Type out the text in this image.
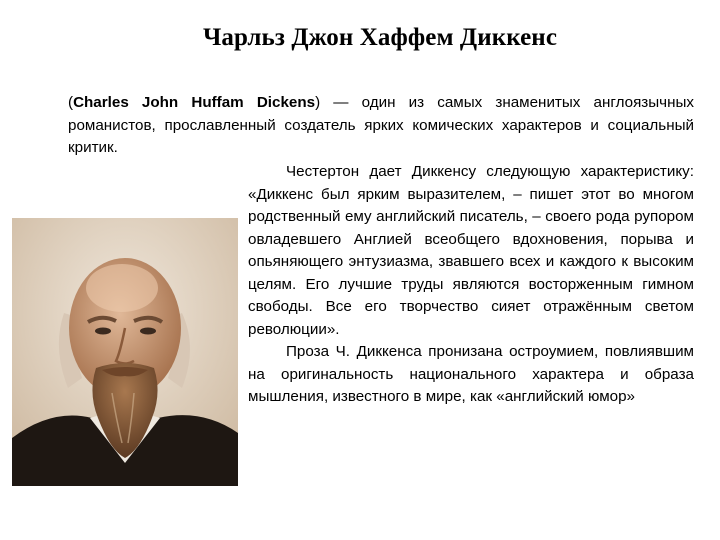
Чарльз Джон Хаффем Диккенс

(Charles John Huffam Dickens) — один из самых знаменитых англоязычных романистов, прославленный создатель ярких комических характеров и социальный критик.

Честертон дает Диккенсу следующую характеристику: «Диккенс был ярким выразителем, – пишет этот во многом родственный ему английский писатель, – своего рода рупором овладевшего Англией всеобщего вдохновения, порыва и опьяняющего энтузиазма, звавшего всех и каждого к высоким целям. Его лучшие труды являются восторженным гимном свободы. Все его творчество сияет отражённым светом революции».

Проза Ч. Диккенса пронизана остроумием, повлиявшим на оригинальность национального характера и образа мышления, известного в мире, как «английский юмор»
